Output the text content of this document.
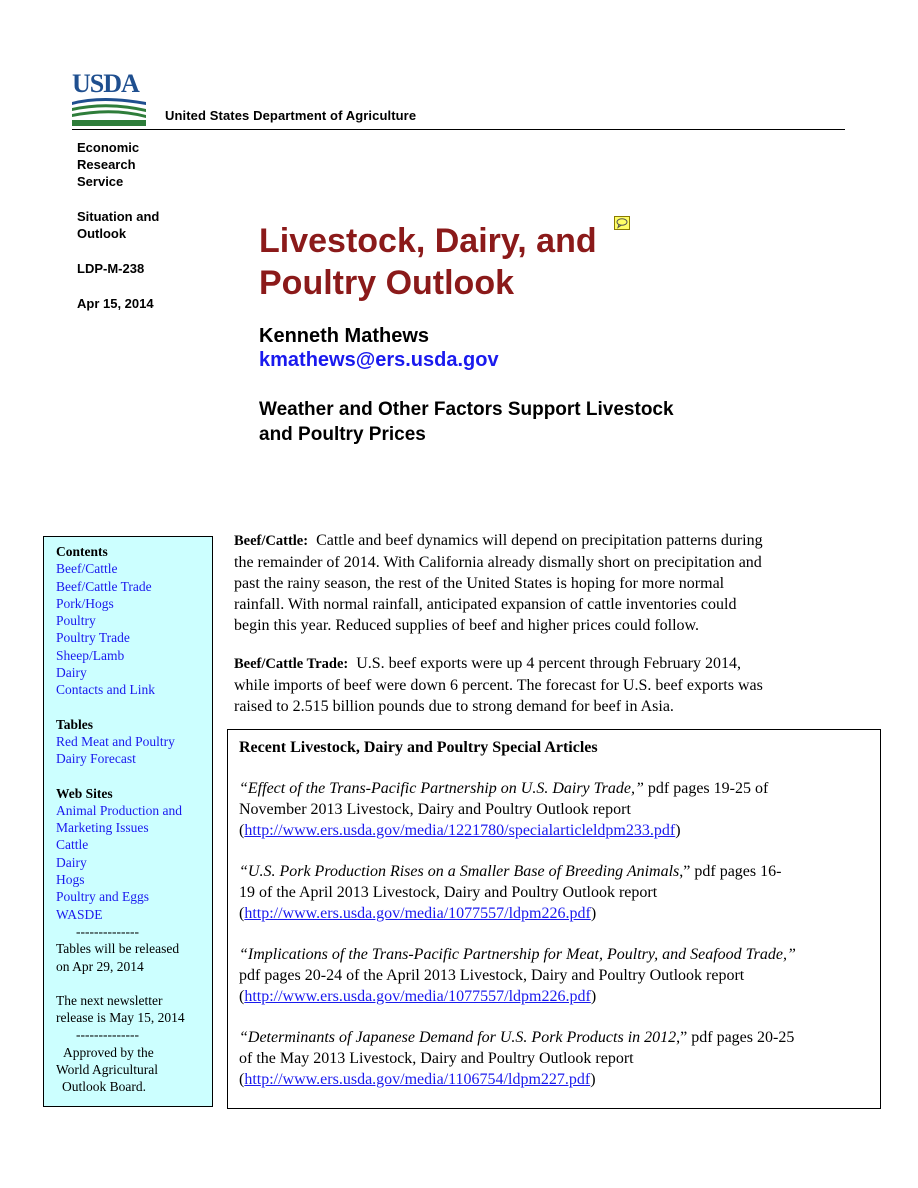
USDA
United States Department of Agriculture
Economic
Research
Service
Situation and
Outlook
LDP-M-238
Apr 15, 2014
Livestock, Dairy, and
Poultry Outlook
Kenneth Mathews
kmathews@ers.usda.gov
Weather and Other Factors Support Livestock
and Poultry Prices
Contents
Beef/Cattle
Beef/Cattle Trade
Pork/Hogs
Poultry
Poultry Trade
Sheep/Lamb
Dairy
Contacts and Link
Tables
Red Meat and Poultry
Dairy Forecast
Web Sites
Animal Production and
Marketing Issues
Cattle
Dairy
Hogs
Poultry and Eggs
WASDE
--------------
Tables will be released
on Apr 29, 2014
The next newsletter
release is May 15, 2014
--------------
Approved by the
World Agricultural
Outlook Board.
Beef/Cattle: Cattle and beef dynamics will depend on precipitation patterns during
the remainder of 2014. With California already dismally short on precipitation and
past the rainy season, the rest of the United States is hoping for more normal
rainfall. With normal rainfall, anticipated expansion of cattle inventories could
begin this year. Reduced supplies of beef and higher prices could follow.
Beef/Cattle Trade: U.S. beef exports were up 4 percent through February 2014,
while imports of beef were down 6 percent. The forecast for U.S. beef exports was
raised to 2.515 billion pounds due to strong demand for beef in Asia.
Recent Livestock, Dairy and Poultry Special Articles
“Effect of the Trans-Pacific Partnership on U.S. Dairy Trade,” pdf pages 19-25 of
November 2013 Livestock, Dairy and Poultry Outlook report
(http://www.ers.usda.gov/media/1221780/specialarticleldpm233.pdf)
“U.S. Pork Production Rises on a Smaller Base of Breeding Animals,” pdf pages 16-
19 of the April 2013 Livestock, Dairy and Poultry Outlook report
(http://www.ers.usda.gov/media/1077557/ldpm226.pdf)
“Implications of the Trans-Pacific Partnership for Meat, Poultry, and Seafood Trade,”
pdf pages 20-24 of the April 2013 Livestock, Dairy and Poultry Outlook report
(http://www.ers.usda.gov/media/1077557/ldpm226.pdf)
“Determinants of Japanese Demand for U.S. Pork Products in 2012,” pdf pages 20-25
of the May 2013 Livestock, Dairy and Poultry Outlook report
(http://www.ers.usda.gov/media/1106754/ldpm227.pdf)
